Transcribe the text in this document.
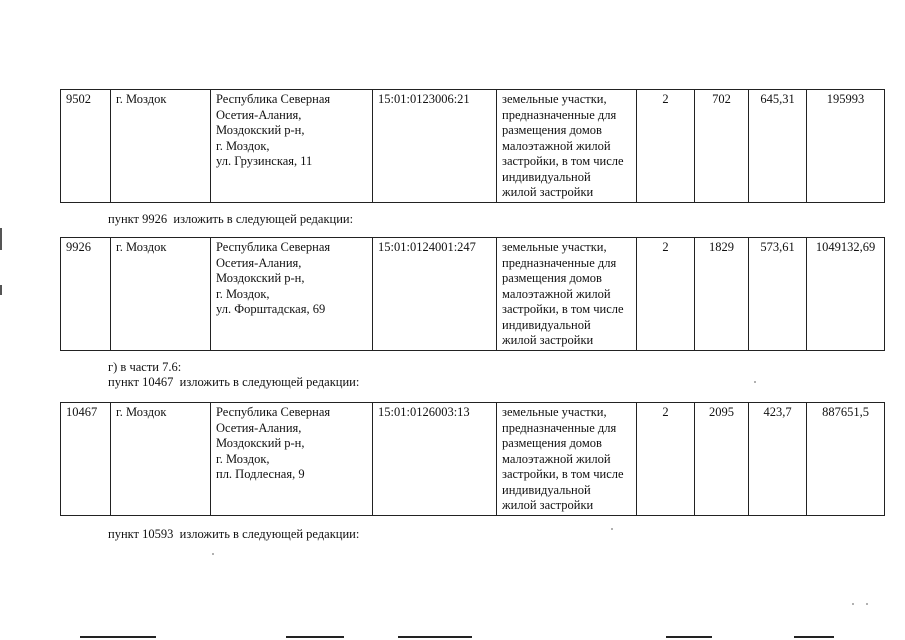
9502	г. Моздок	Республика Северная
Осетия-Алания,
Моздокский р-н,
г. Моздок,
ул. Грузинская, 11
	15:01:0123006:21	земельные участки,
предназначенные для
размещения домов
малоэтажной жилой
застройки, в том числе
индивидуальной
жилой застройки
	2	702	645,31	195993
пункт 9926  изложить в следующей редакции:
9926	г. Моздок	Республика Северная
Осетия-Алания,
Моздокский р-н,
г. Моздок,
ул. Форштадская, 69
	15:01:0124001:247	земельные участки,
предназначенные для
размещения домов
малоэтажной жилой
застройки, в том числе
индивидуальной
жилой застройки
	2	1829	573,61	1049132,69
г) в части 7.6:
пункт 10467  изложить в следующей редакции:
10467	г. Моздок	Республика Северная
Осетия-Алания,
Моздокский р-н,
г. Моздок,
пл. Подлесная, 9
	15:01:0126003:13	земельные участки,
предназначенные для
размещения домов
малоэтажной жилой
застройки, в том числе
индивидуальной
жилой застройки
	2	2095	423,7	887651,5
пункт 10593  изложить в следующей редакции:
